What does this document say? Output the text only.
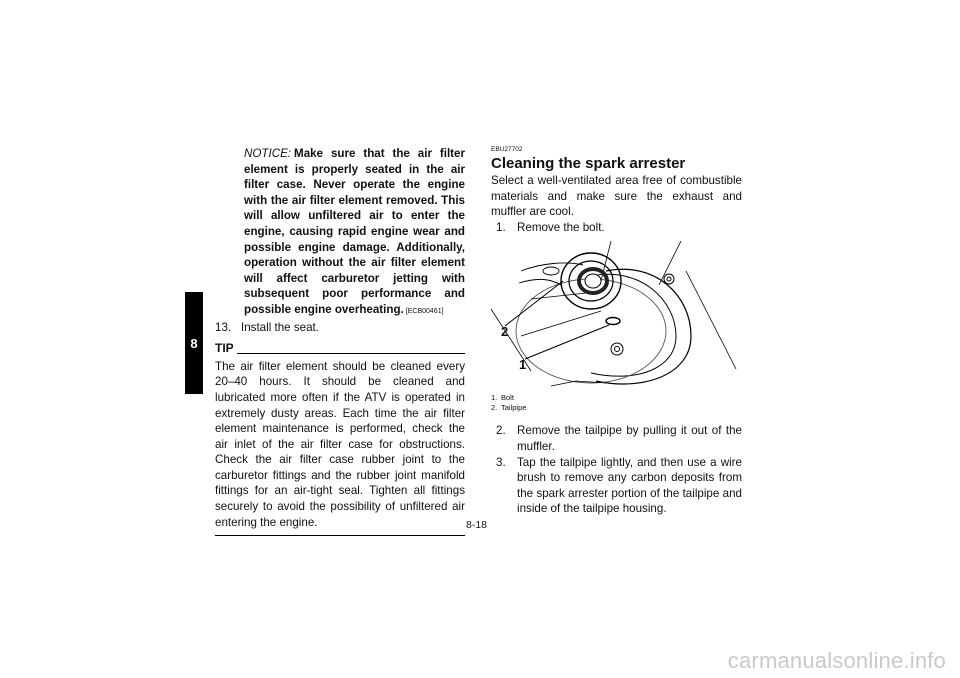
8
NOTICE: Make sure that the air filter element is properly seated in the air filter case. Never operate the engine with the air filter element removed. This will allow unfiltered air to enter the engine, causing rapid engine wear and possible engine damage. Additionally, operation without the air filter element will affect carburetor jetting with subsequent poor performance and possible engine overheating. [ECB00461]
13. Install the seat.
TIP
The air filter element should be cleaned every 20–40 hours. It should be cleaned and lubricated more often if the ATV is operated in extremely dusty areas. Each time the air filter element maintenance is performed, check the air inlet of the air filter case for obstructions. Check the air filter case rubber joint to the carburetor fittings and the rubber joint manifold fittings for an air-tight seal. Tighten all fittings securely to avoid the possibility of unfiltered air entering the engine.
EBU27702
Cleaning the spark arrester
Select a well-ventilated area free of combustible materials and make sure the exhaust and muffler are cool.
1. Remove the bolt.
2
1
1. Bolt
2. Tailpipe
2. Remove the tailpipe by pulling it out of the muffler.
3. Tap the tailpipe lightly, and then use a wire brush to remove any carbon deposits from the spark arrester portion of the tailpipe and inside of the tailpipe housing.
8-18
carmanualsonline.info
